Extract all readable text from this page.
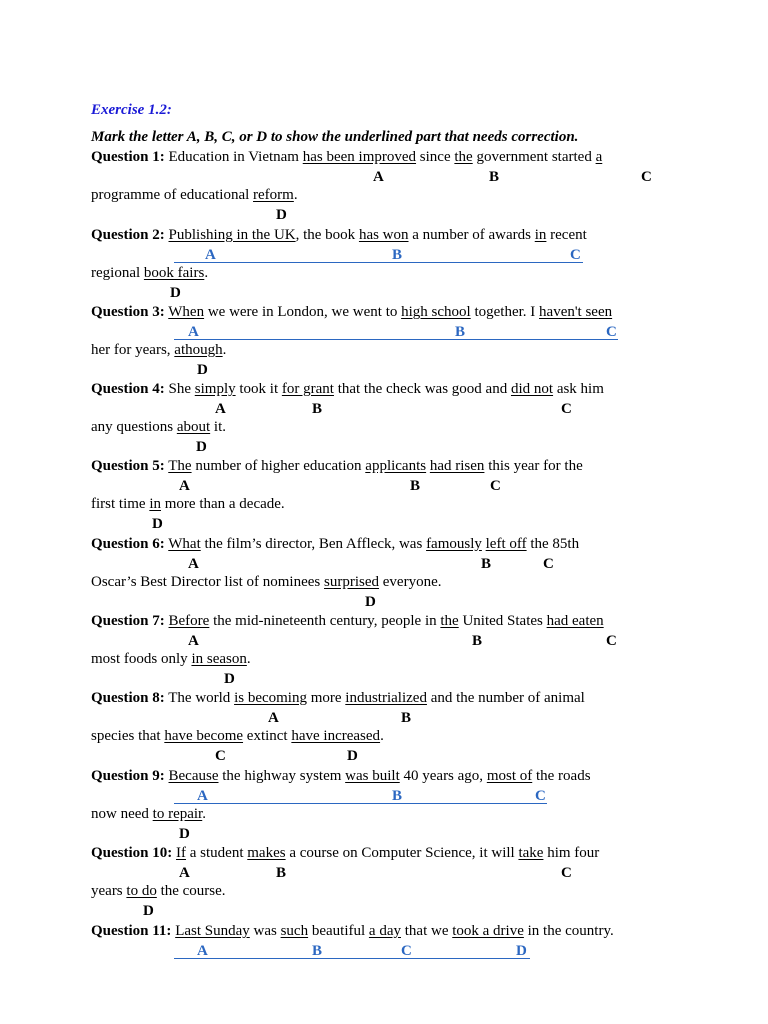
Exercise 1.2:
Mark the letter A, B, C, or D to show the underlined part that needs correction.
Question 1: Education in Vietnam has been improved since the government started a
A	B	C
programme of educational reform.
D
Question 2: Publishing in the UK, the book has won a number of awards in recent
A	B	C
regional book fairs.
D
Question 3: When we were in London, we went to high school together. I haven't seen
A	B	C
her for years, athough.
D
Question 4: She simply took it for grant that the check was good and did not ask him
A	B	C
any questions about it.
D
Question 5: The number of higher education applicants had risen this year for the
A	B	C
first time in more than a decade.
D
Question 6: What the film’s director, Ben Affleck, was famously left off the 85th
A	B	C
Oscar’s Best Director list of nominees surprised everyone.
D
Question 7: Before the mid-nineteenth century, people in the United States had eaten
A	B	C
most foods only in season.
D
Question 8: The world is becoming more industrialized and the number of animal
A	B
species that have become extinct have increased.
C	D
Question 9: Because the highway system was built 40 years ago, most of the roads
A	B	C
now need to repair.
D
Question 10: If a student makes a course on Computer Science, it will take him four
A	B	C
years to do the course.
D
Question 11: Last Sunday was such beautiful a day that we took a drive in the country.
A	B	C	D
